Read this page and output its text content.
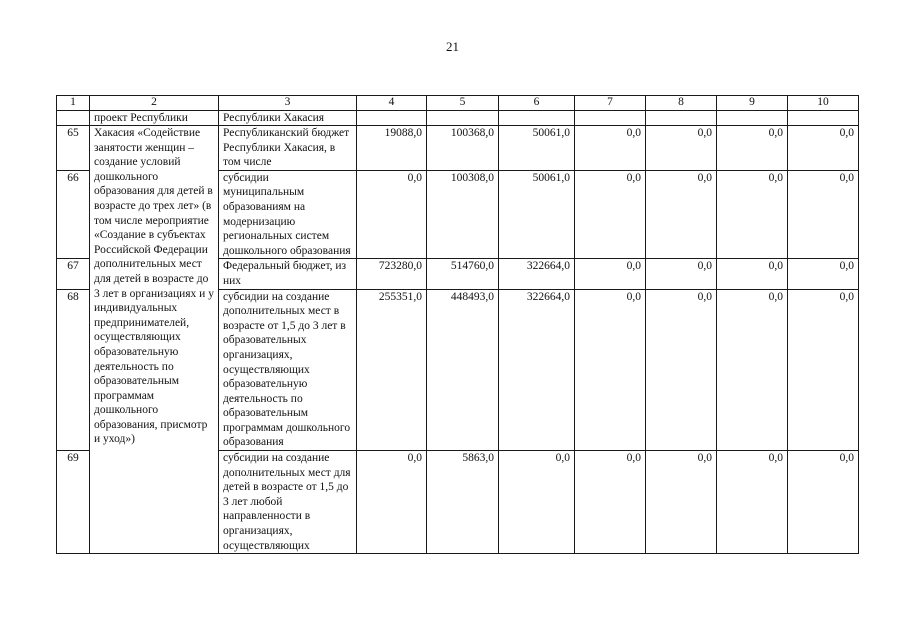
21
1	2	3	4	5	6	7	8	9	10
	проект Республики	Республики Хакасия							
65	Хакасия «Содействие занятости женщин – создание условий дошкольного образования для детей в возрасте до трех лет» (в том числе мероприятие «Создание в субъектах Российской Федерации дополнительных мест для детей в возрасте до 3 лет в организациях и у индивидуальных предпринимателей, осуществляющих образовательную деятельность по образовательным программам дошкольного образования, присмотр и уход»)	Республиканский бюджет Республики Хакасия, в том числе	19088,0	100368,0	50061,0	0,0	0,0	0,0	0,0
66		субсидии муниципальным образованиям на модернизацию региональных систем дошкольного образования	0,0	100308,0	50061,0	0,0	0,0	0,0	0,0
67		Федеральный бюджет, из них	723280,0	514760,0	322664,0	0,0	0,0	0,0	0,0
68		субсидии на создание дополнительных мест в возрасте от 1,5 до 3 лет в образовательных организациях, осуществляющих образовательную деятельность по образовательным программам дошкольного образования	255351,0	448493,0	322664,0	0,0	0,0	0,0	0,0
69		субсидии на создание дополнительных мест для детей в возрасте от 1,5 до 3 лет любой направленности в организациях, осуществляющих	0,0	5863,0	0,0	0,0	0,0	0,0	0,0
